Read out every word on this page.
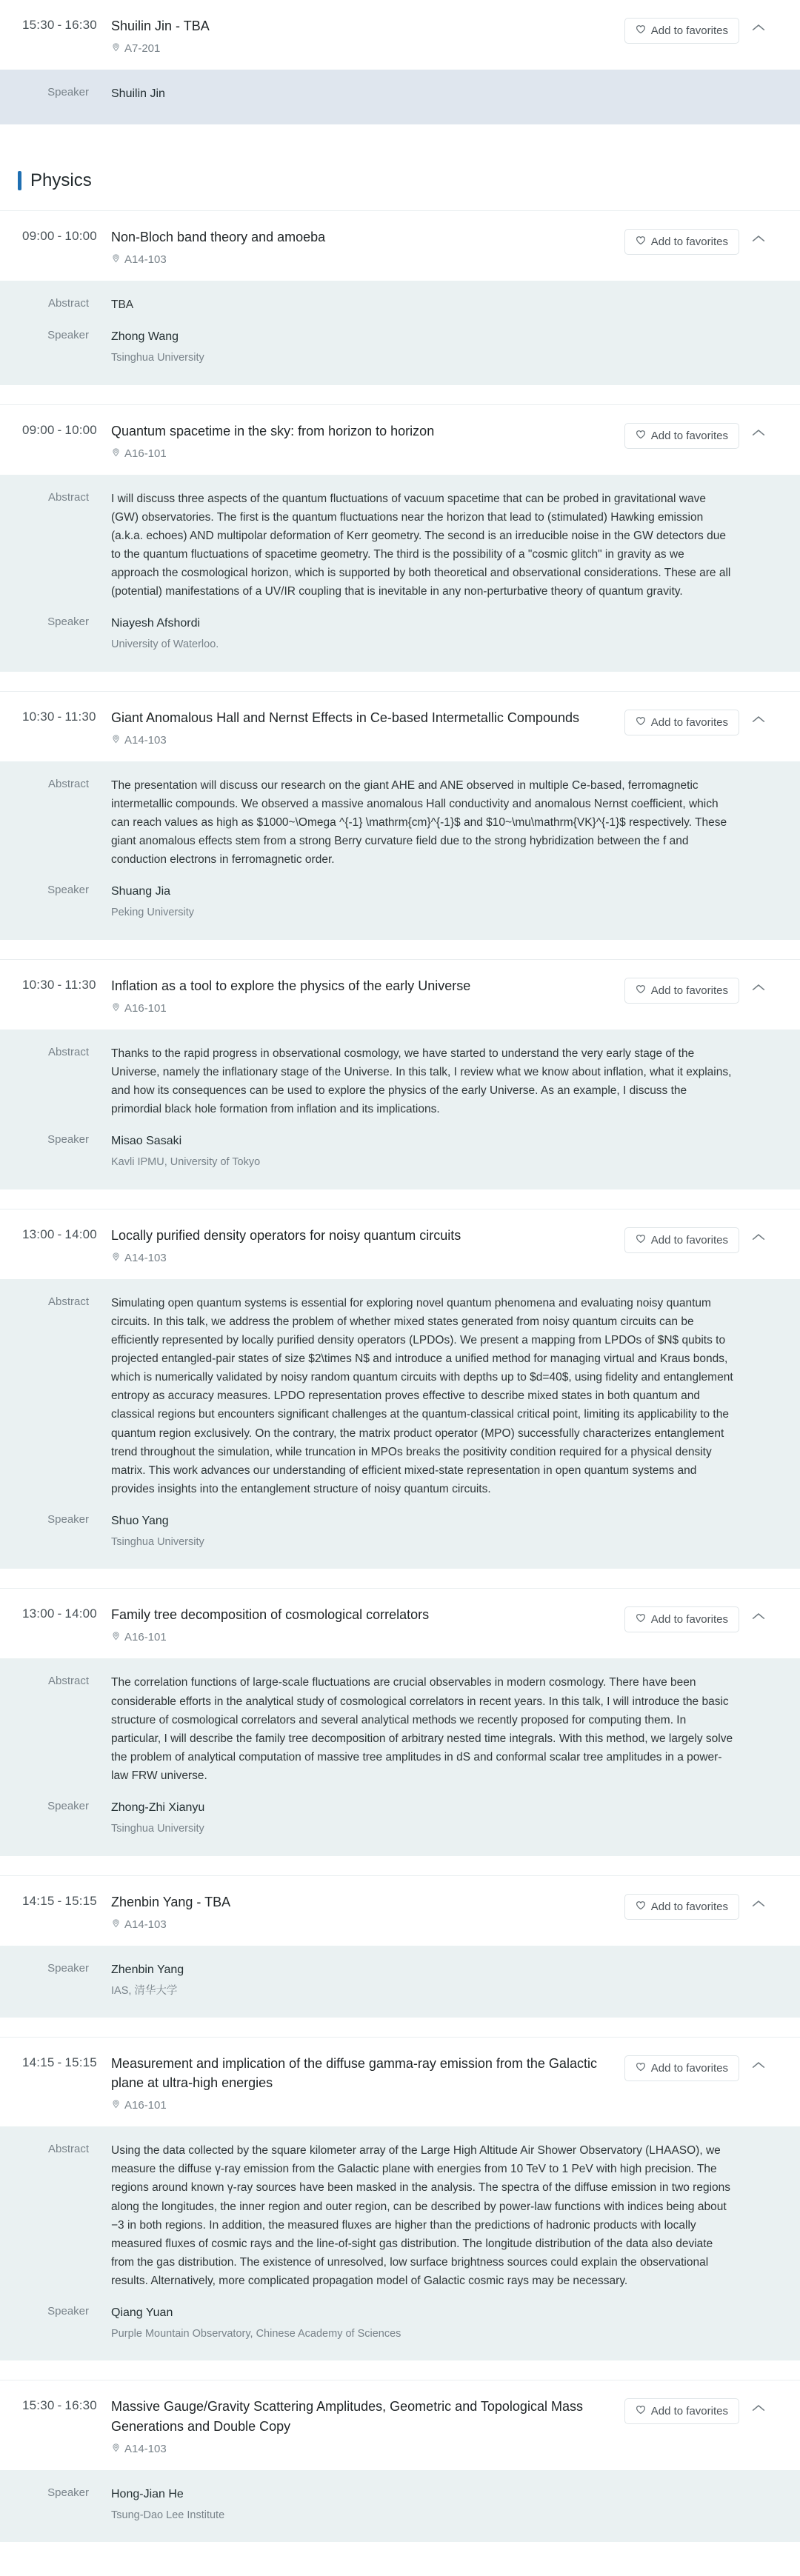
15:30 - 16:30	Shuilin Jin - TBA
A7-201
Add to favorites
Speaker	Shuilin Jin
Physics
09:00 - 10:00	Non-Bloch band theory and amoeba
A14-103
Add to favorites
Abstract	TBA
Speaker	Zhong Wang
Tsinghua University
09:00 - 10:00	Quantum spacetime in the sky: from horizon to horizon
A16-101
Add to favorites
Abstract	I will discuss three aspects of the quantum fluctuations of vacuum spacetime that can be probed in gravitational wave (GW) observatories. The first is the quantum fluctuations near the horizon that lead to (stimulated) Hawking emission (a.k.a. echoes) AND multipolar deformation of Kerr geometry. The second is an irreducible noise in the GW detectors due to the quantum fluctuations of spacetime geometry. The third is the possibility of a "cosmic glitch" in gravity as we approach the cosmological horizon, which is supported by both theoretical and observational considerations. These are all (potential) manifestations of a UV/IR coupling that is inevitable in any non-perturbative theory of quantum gravity.
Speaker	Niayesh Afshordi
University of Waterloo.
10:30 - 11:30	Giant Anomalous Hall and Nernst Effects in Ce-based Intermetallic Compounds
A14-103
Add to favorites
Abstract	The presentation will discuss our research on the giant AHE and ANE observed in multiple Ce-based, ferromagnetic intermetallic compounds. We observed a massive anomalous Hall conductivity and anomalous Nernst coefficient, which can reach values as high as $1000~\Omega ^{-1} \mathrm{cm}^{-1}$ and $10~\mu\mathrm{VK}^{-1}$ respectively. These giant anomalous effects stem from a strong Berry curvature field due to the strong hybridization between the f and conduction electrons in ferromagnetic order.
Speaker	Shuang Jia
Peking University
10:30 - 11:30	Inflation as a tool to explore the physics of the early Universe
A16-101
Add to favorites
Abstract	Thanks to the rapid progress in observational cosmology, we have started to understand the very early stage of the Universe, namely the inflationary stage of the Universe. In this talk, I review what we know about inflation, what it explains, and how its consequences can be used to explore the physics of the early Universe. As an example, I discuss the primordial black hole formation from inflation and its implications.
Speaker	Misao Sasaki
Kavli IPMU, University of Tokyo
13:00 - 14:00	Locally purified density operators for noisy quantum circuits
A14-103
Add to favorites
Abstract	Simulating open quantum systems is essential for exploring novel quantum phenomena and evaluating noisy quantum circuits. In this talk, we address the problem of whether mixed states generated from noisy quantum circuits can be efficiently represented by locally purified density operators (LPDOs). We present a mapping from LPDOs of $N$ qubits to projected entangled-pair states of size $2\times N$ and introduce a unified method for managing virtual and Kraus bonds, which is numerically validated by noisy random quantum circuits with depths up to $d=40$, using fidelity and entanglement entropy as accuracy measures. LPDO representation proves effective to describe mixed states in both quantum and classical regions but encounters significant challenges at the quantum-classical critical point, limiting its applicability to the quantum region exclusively. On the contrary, the matrix product operator (MPO) successfully characterizes entanglement trend throughout the simulation, while truncation in MPOs breaks the positivity condition required for a physical density matrix. This work advances our understanding of efficient mixed-state representation in open quantum systems and provides insights into the entanglement structure of noisy quantum circuits.
Speaker	Shuo Yang
Tsinghua University
13:00 - 14:00	Family tree decomposition of cosmological correlators
A16-101
Add to favorites
Abstract	The correlation functions of large-scale fluctuations are crucial observables in modern cosmology. There have been considerable efforts in the analytical study of cosmological correlators in recent years. In this talk, I will introduce the basic structure of cosmological correlators and several analytical methods we recently proposed for computing them. In particular, I will describe the family tree decomposition of arbitrary nested time integrals. With this method, we largely solve the problem of analytical computation of massive tree amplitudes in dS and conformal scalar tree amplitudes in a power-law FRW universe.
Speaker	Zhong-Zhi Xianyu
Tsinghua University
14:15 - 15:15	Zhenbin Yang - TBA
A14-103
Add to favorites
Speaker	Zhenbin Yang
IAS, 清华大学
14:15 - 15:15	Measurement and implication of the diffuse gamma-ray emission from the Galactic plane at ultra-high energies
A16-101
Add to favorites
Abstract	Using the data collected by the square kilometer array of the Large High Altitude Air Shower Observatory (LHAASO), we measure the diffuse γ-ray emission from the Galactic plane with energies from 10 TeV to 1 PeV with high precision. The regions around known γ-ray sources have been masked in the analysis. The spectra of the diffuse emission in two regions along the longitudes, the inner region and outer region, can be described by power-law functions with indices being about −3 in both regions. In addition, the measured fluxes are higher than the predictions of hadronic products with locally measured fluxes of cosmic rays and the line-of-sight gas distribution. The longitude distribution of the data also deviate from the gas distribution. The existence of unresolved, low surface brightness sources could explain the observational results. Alternatively, more complicated propagation model of Galactic cosmic rays may be necessary.
Speaker	Qiang Yuan
Purple Mountain Observatory, Chinese Academy of Sciences
15:30 - 16:30	Massive Gauge/Gravity Scattering Amplitudes, Geometric and Topological Mass Generations and Double Copy
A14-103
Add to favorites
Speaker	Hong-Jian He
Tsung-Dao Lee Institute
